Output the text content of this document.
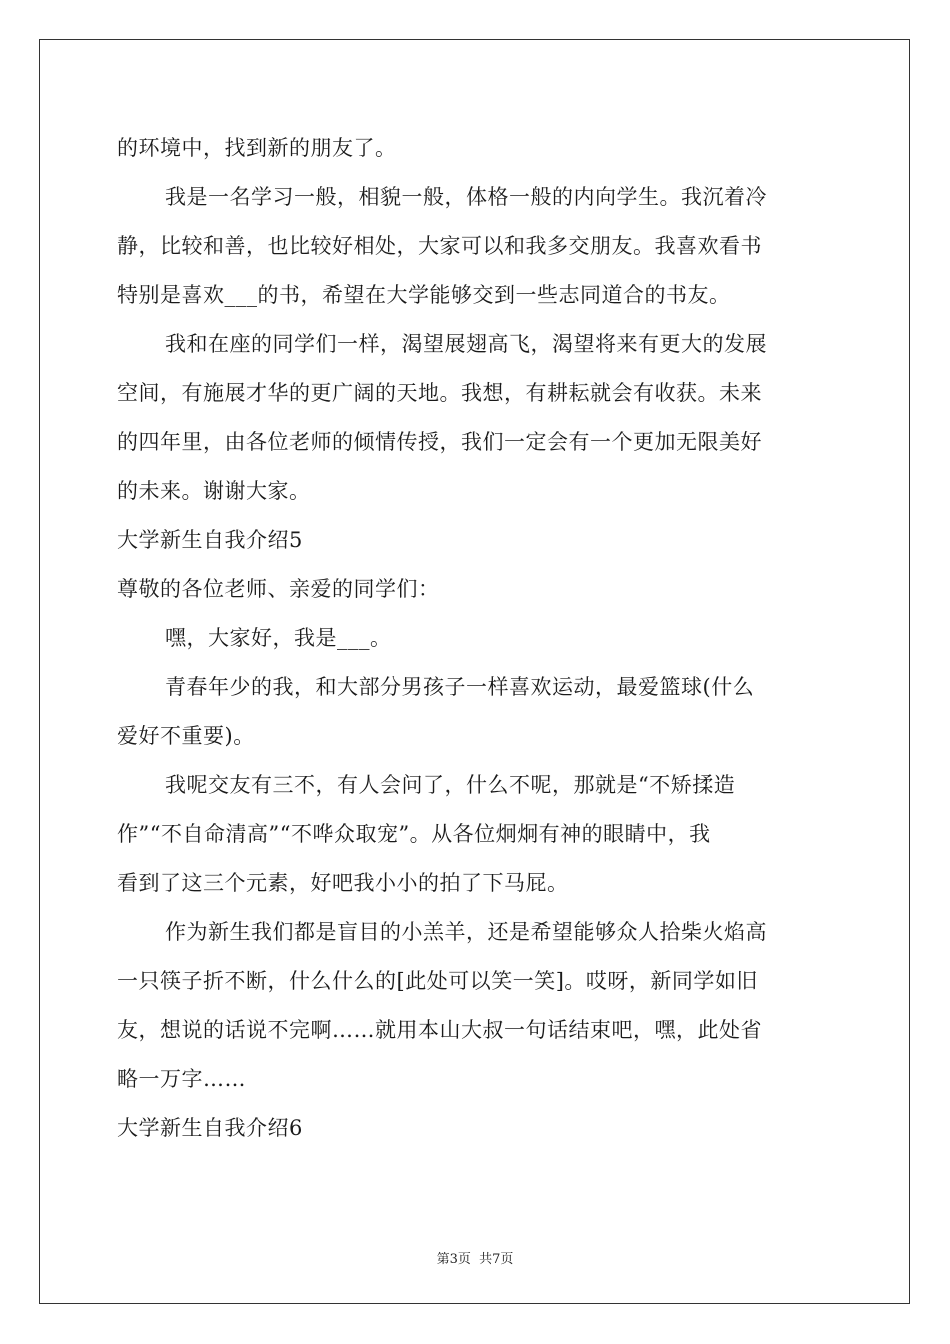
的环境中，找到新的朋友了。
我是一名学习一般，相貌一般，体格一般的内向学生。我沉着冷
静，比较和善，也比较好相处，大家可以和我多交朋友。我喜欢看书
特别是喜欢___的书，希望在大学能够交到一些志同道合的书友。
我和在座的同学们一样，渴望展翅高飞，渴望将来有更大的发展
空间，有施展才华的更广阔的天地。我想，有耕耘就会有收获。未来
的四年里，由各位老师的倾情传授，我们一定会有一个更加无限美好
的未来。谢谢大家。
大学新生自我介绍5
尊敬的各位老师、亲爱的同学们：
嘿，大家好，我是___。
青春年少的我，和大部分男孩子一样喜欢运动，最爱篮球(什么
爱好不重要)。
我呢交友有三不，有人会问了，什么不呢，那就是“不矫揉造
作”“不自命清高”“不哗众取宠”。从各位炯炯有神的眼睛中，我
看到了这三个元素，好吧我小小的拍了下马屁。
作为新生我们都是盲目的小羔羊，还是希望能够众人拾柴火焰高
一只筷子折不断，什么什么的[此处可以笑一笑]。哎呀，新同学如旧
友，想说的话说不完啊……就用本山大叔一句话结束吧，嘿，此处省
略一万字……
大学新生自我介绍6
第3页 共7页
